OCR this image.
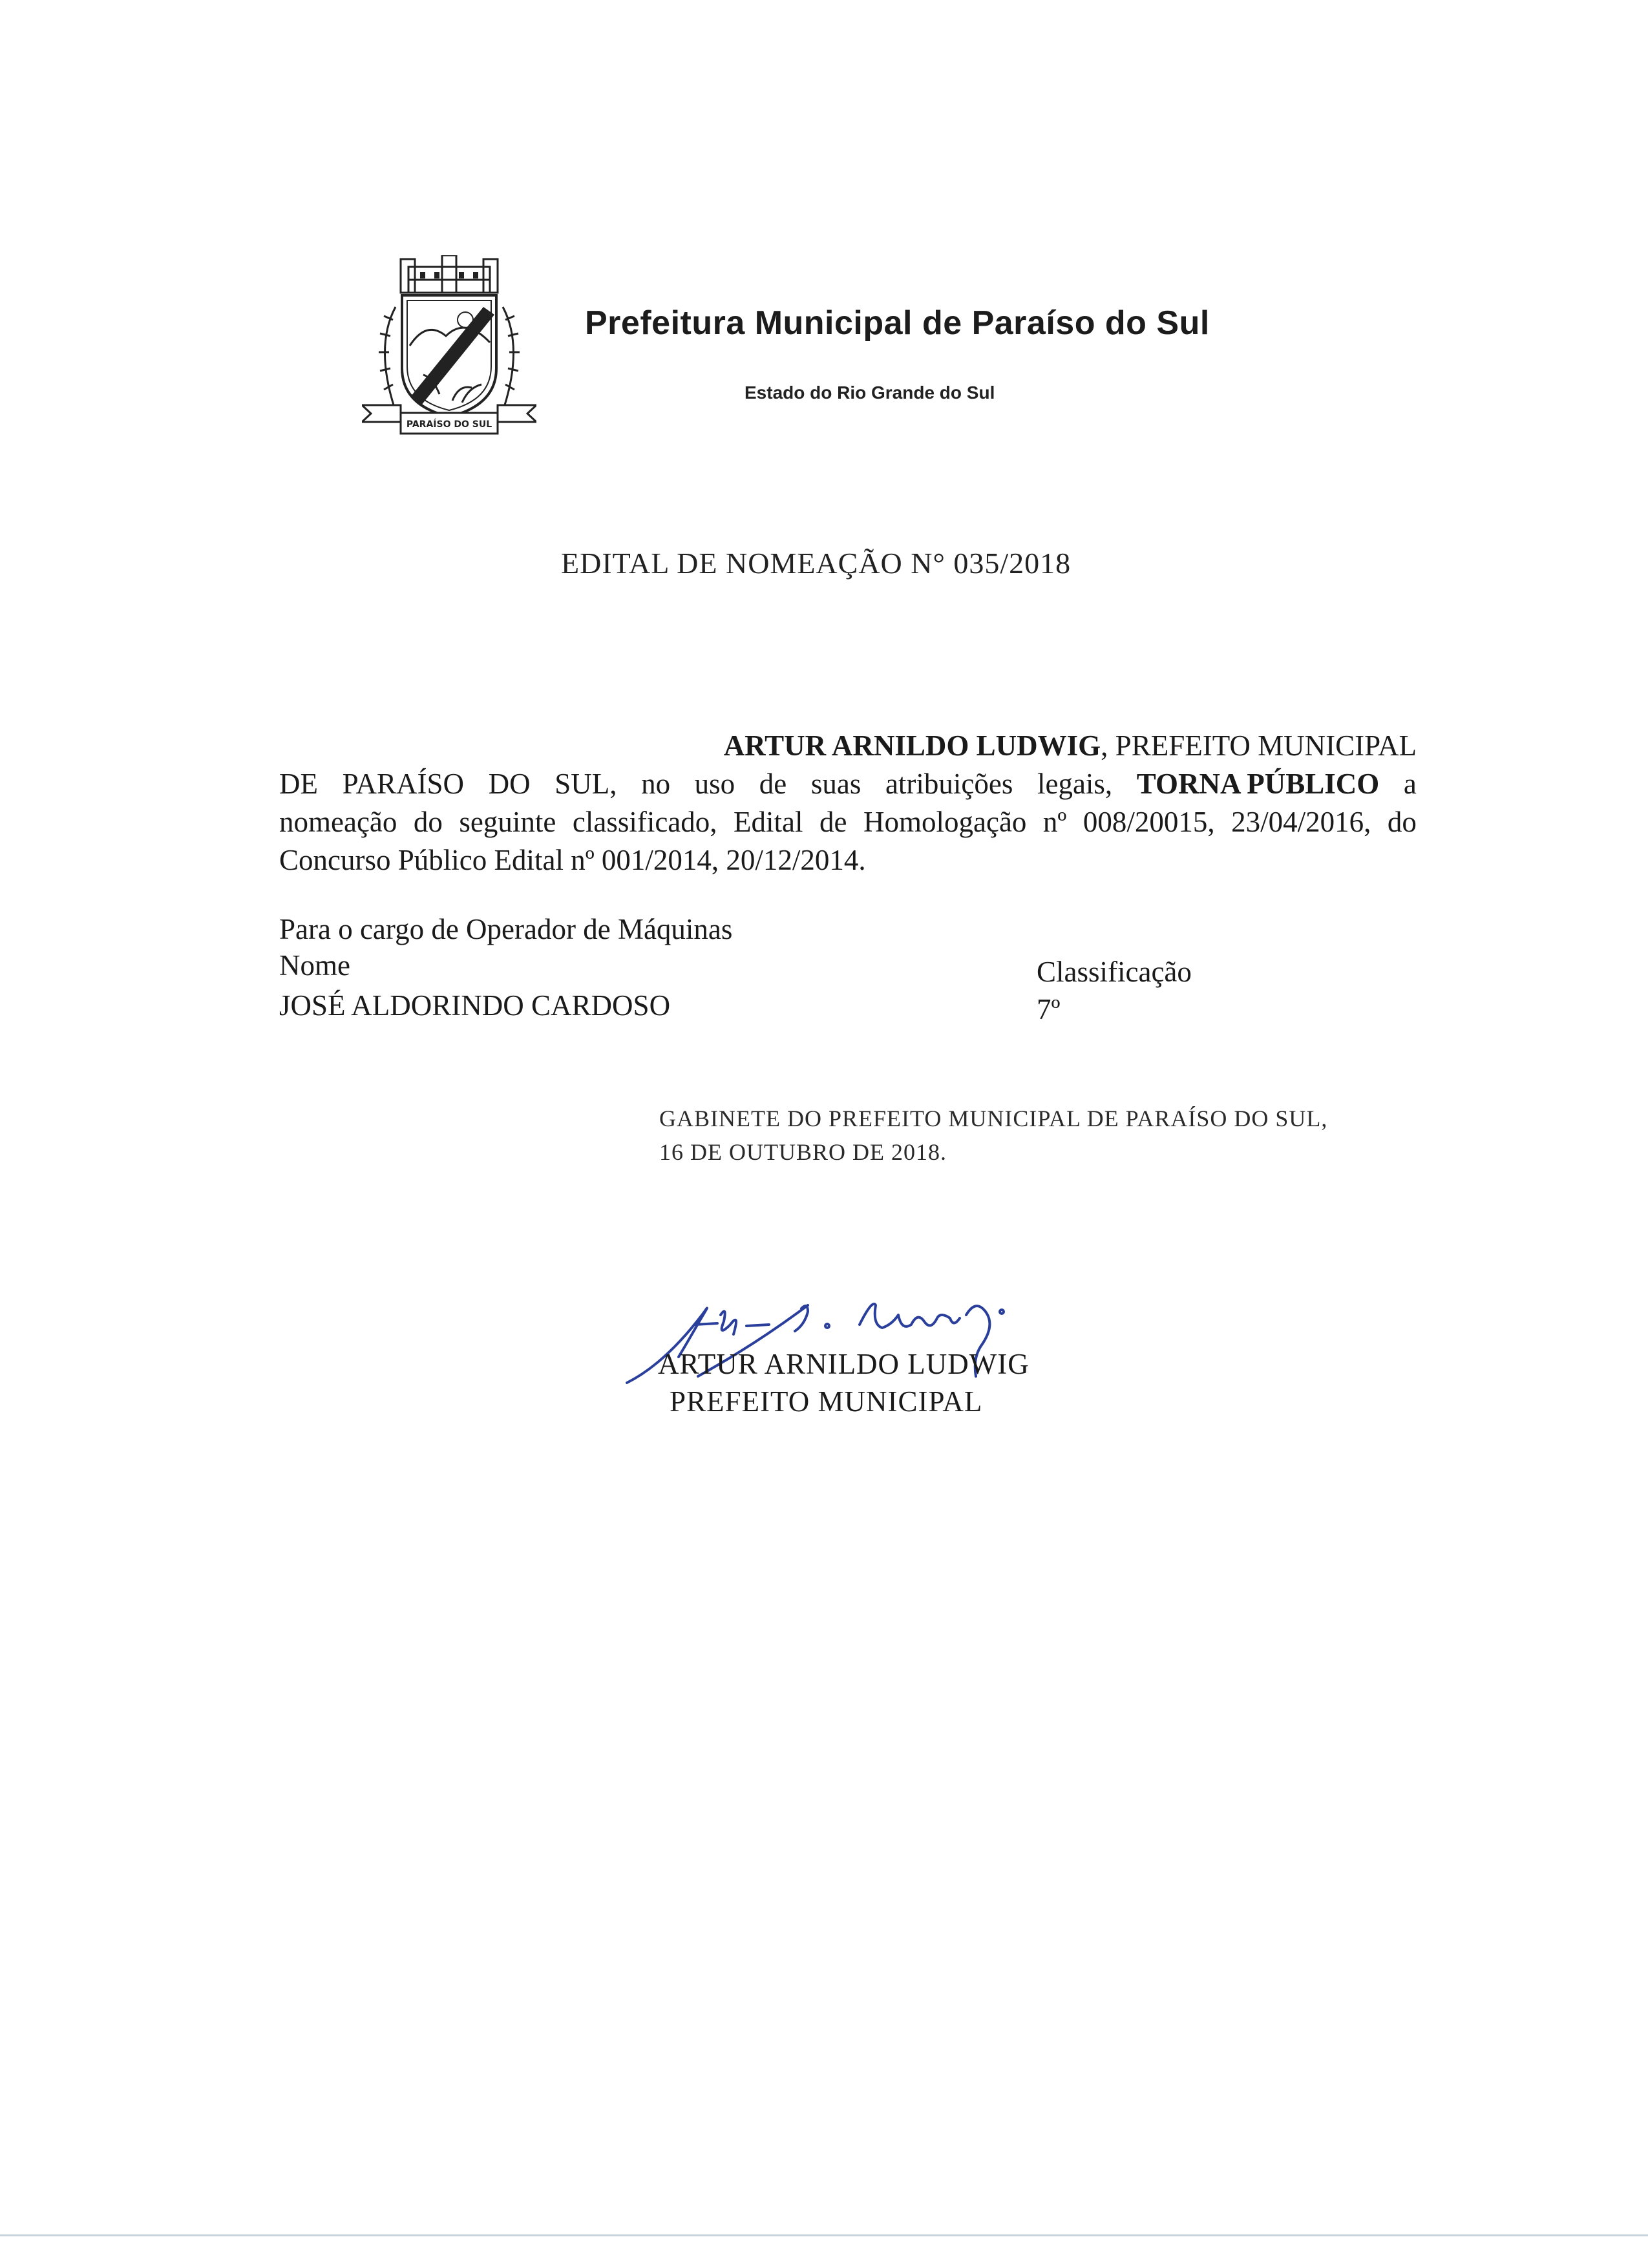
PARAÍSO DO SUL
Prefeitura Municipal de Paraíso do Sul
Estado do Rio Grande do Sul
EDITAL DE NOMEAÇÃO N° 035/2018
ARTUR ARNILDO LUDWIG, PREFEITO MUNICIPAL
DE PARAÍSO DO SUL, no uso de suas atribuições legais, TORNA PÚBLICO a
nomeação do seguinte classificado, Edital de Homologação nº 008/20015, 23/04/2016, do
Concurso Público Edital nº 001/2014, 20/12/2014.
Para o cargo de Operador de Máquinas
Nome	Classificação
JOSÉ ALDORINDO CARDOSO	7º
GABINETE DO PREFEITO MUNICIPAL DE PARAÍSO DO SUL,
16 DE OUTUBRO DE 2018.
ARTUR ARNILDO LUDWIG
PREFEITO MUNICIPAL
